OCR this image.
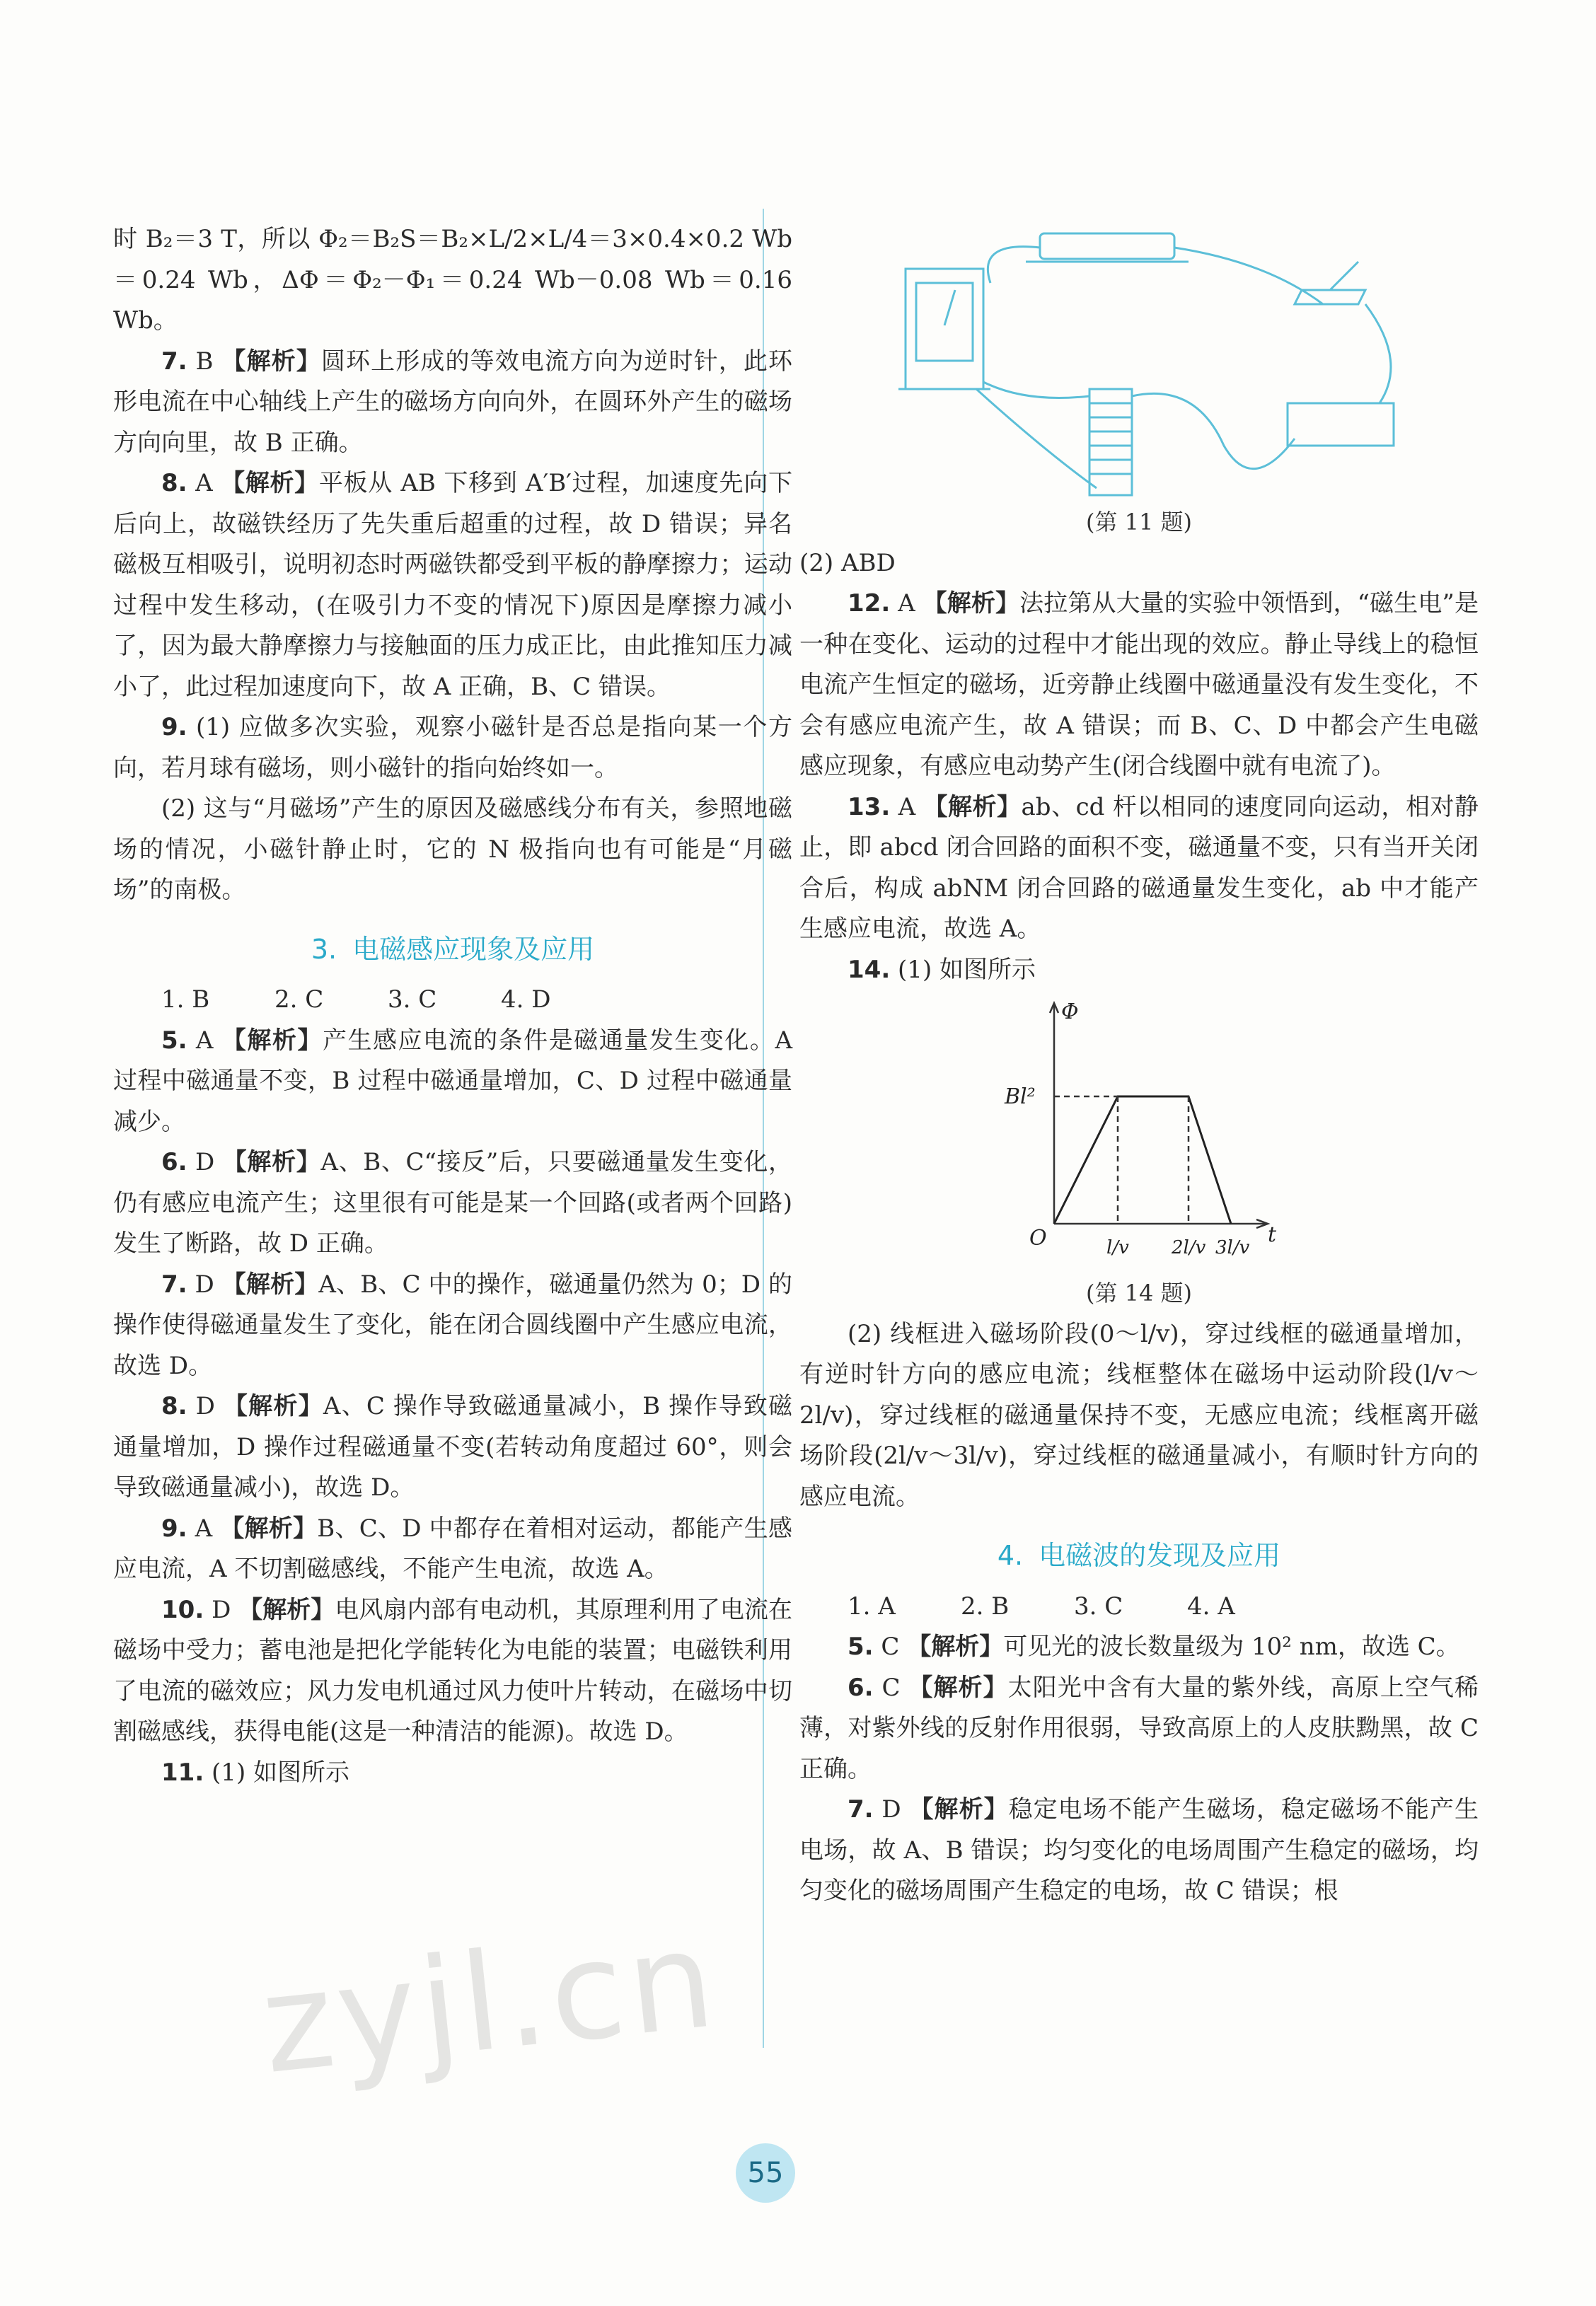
时 B₂＝3 T，所以 Φ₂＝B₂S＝B₂×L/2×L/4＝3×0.4×0.2 Wb＝0.24 Wb，ΔΦ＝Φ₂－Φ₁＝0.24 Wb－0.08 Wb＝0.16 Wb。

7. B 【解析】圆环上形成的等效电流方向为逆时针，此环形电流在中心轴线上产生的磁场方向向外，在圆环外产生的磁场方向向里，故 B 正确。

8. A 【解析】平板从 AB 下移到 A′B′过程，加速度先向下后向上，故磁铁经历了先失重后超重的过程，故 D 错误；异名磁极互相吸引，说明初态时两磁铁都受到平板的静摩擦力；运动过程中发生移动，(在吸引力不变的情况下)原因是摩擦力减小了，因为最大静摩擦力与接触面的压力成正比，由此推知压力减小了，此过程加速度向下，故 A 正确，B、C 错误。

9. (1) 应做多次实验，观察小磁针是否总是指向某一个方向，若月球有磁场，则小磁针的指向始终如一。

(2) 这与“月磁场”产生的原因及磁感线分布有关，参照地磁场的情况，小磁针静止时，它的 N 极指向也有可能是“月磁场”的南极。

3. 电磁感应现象及应用

1. B	2. C	3. C	4. D

5. A 【解析】产生感应电流的条件是磁通量发生变化。A 过程中磁通量不变，B 过程中磁通量增加，C、D 过程中磁通量减少。

6. D 【解析】A、B、C“接反”后，只要磁通量发生变化，仍有感应电流产生；这里很有可能是某一个回路(或者两个回路)发生了断路，故 D 正确。

7. D 【解析】A、B、C 中的操作，磁通量仍然为 0；D 的操作使得磁通量发生了变化，能在闭合圆线圈中产生感应电流，故选 D。

8. D 【解析】A、C 操作导致磁通量减小，B 操作导致磁通量增加，D 操作过程磁通量不变(若转动角度超过 60°，则会导致磁通量减小)，故选 D。

9. A 【解析】B、C、D 中都存在着相对运动，都能产生感应电流，A 不切割磁感线，不能产生电流，故选 A。

10. D 【解析】电风扇内部有电动机，其原理利用了电流在磁场中受力；蓄电池是把化学能转化为电能的装置；电磁铁利用了电流的磁效应；风力发电机通过风力使叶片转动，在磁场中切割磁感线，获得电能(这是一种清洁的能源)。故选 D。

11. (1) 如图所示

(第 11 题)

(2) ABD

12. A 【解析】法拉第从大量的实验中领悟到，“磁生电”是一种在变化、运动的过程中才能出现的效应。静止导线上的稳恒电流产生恒定的磁场，近旁静止线圈中磁通量没有发生变化，不会有感应电流产生，故 A 错误；而 B、C、D 中都会产生电磁感应现象，有感应电动势产生(闭合线圈中就有电流了)。

13. A 【解析】ab、cd 杆以相同的速度同向运动，相对静止，即 abcd 闭合回路的面积不变，磁通量不变，只有当开关闭合后，构成 abNM 闭合回路的磁通量发生变化，ab 中才能产生感应电流，故选 A。

14. (1) 如图所示

Φ
Bl²
O	t
l/v 2l/v 3l/v
(第 14 题)

(2) 线框进入磁场阶段(0～l/v)，穿过线框的磁通量增加，有逆时针方向的感应电流；线框整体在磁场中运动阶段(l/v～2l/v)，穿过线框的磁通量保持不变，无感应电流；线框离开磁场阶段(2l/v～3l/v)，穿过线框的磁通量减小，有顺时针方向的感应电流。

4. 电磁波的发现及应用

1. A	2. B	3. C	4. A

5. C 【解析】可见光的波长数量级为 10² nm，故选 C。

6. C 【解析】太阳光中含有大量的紫外线，高原上空气稀薄，对紫外线的反射作用很弱，导致高原上的人皮肤黝黑，故 C 正确。

7. D 【解析】稳定电场不能产生磁场，稳定磁场不能产生电场，故 A、B 错误；均匀变化的电场周围产生稳定的磁场，均匀变化的磁场周围产生稳定的电场，故 C 错误；根

zyjl.cn
55
